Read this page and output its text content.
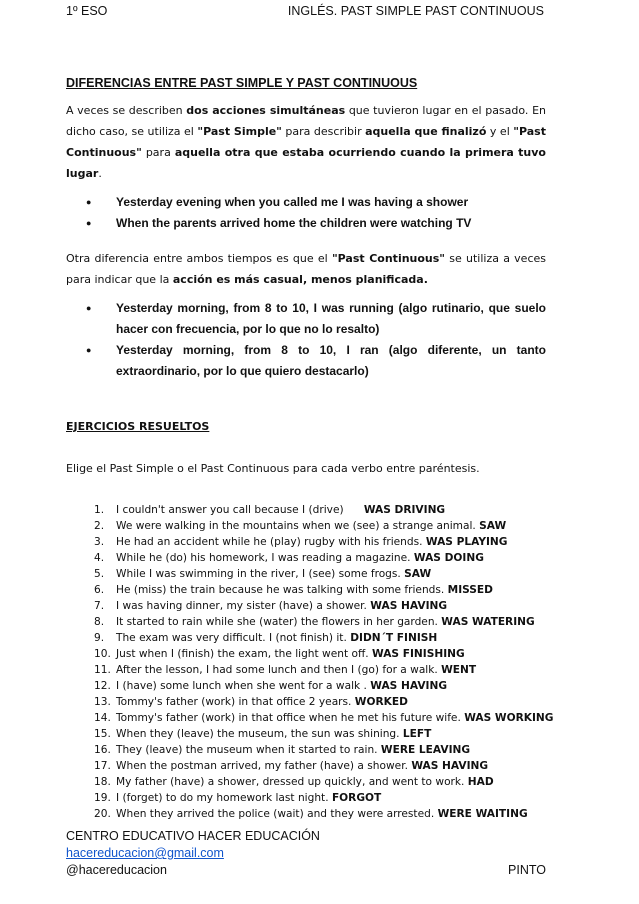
1º ESO	INGLÉS. PAST SIMPLE PAST CONTINUOUS

DIFERENCIAS ENTRE PAST SIMPLE Y PAST CONTINUOUS

A veces se describen dos acciones simultáneas que tuvieron lugar en el pasado. En dicho caso, se utiliza el "Past Simple" para describir aquella que finalizó y el "Past Continuous" para aquella otra que estaba ocurriendo cuando la primera tuvo lugar.

● Yesterday evening when you called me I was having a shower
● When the parents arrived home the children were watching TV

Otra diferencia entre ambos tiempos es que el "Past Continuous" se utiliza a veces para indicar que la acción es más casual, menos planificada.

● Yesterday morning, from 8 to 10, I was running (algo rutinario, que suelo hacer con frecuencia, por lo que no lo resalto)
● Yesterday morning, from 8 to 10, I ran (algo diferente, un tanto extraordinario, por lo que quiero destacarlo)

EJERCICIOS RESUELTOS

Elige el Past Simple o el Past Continuous para cada verbo entre paréntesis.

1. I couldn't answer you call because I (drive)      WAS DRIVING
2. We were walking in the mountains when we (see) a strange animal. SAW
3. He had an accident while he (play) rugby with his friends. WAS PLAYING
4. While he (do) his homework, I was reading a magazine. WAS DOING
5. While I was swimming in the river, I (see) some frogs. SAW
6. He (miss) the train because he was talking with some friends. MISSED
7. I was having dinner, my sister (have) a shower. WAS HAVING
8. It started to rain while she (water) the flowers in her garden. WAS WATERING
9. The exam was very difficult. I (not finish) it. DIDN´T FINISH
10. Just when I (finish) the exam, the light went off. WAS FINISHING
11. After the lesson, I had some lunch and then I (go) for a walk. WENT
12. I (have) some lunch when she went for a walk . WAS HAVING
13. Tommy's father (work) in that office 2 years. WORKED
14. Tommy's father (work) in that office when he met his future wife. WAS WORKING
15. When they (leave) the museum, the sun was shining. LEFT
16. They (leave) the museum when it started to rain. WERE LEAVING
17. When the postman arrived, my father (have) a shower. WAS HAVING
18. My father (have) a shower, dressed up quickly, and went to work. HAD
19. I (forget) to do my homework last night. FORGOT
20. When they arrived the police (wait) and they were arrested. WERE WAITING
CENTRO EDUCATIVO HACER EDUCACIÓN
hacereducacion@gmail.com
@hacereducacion	PINTO
